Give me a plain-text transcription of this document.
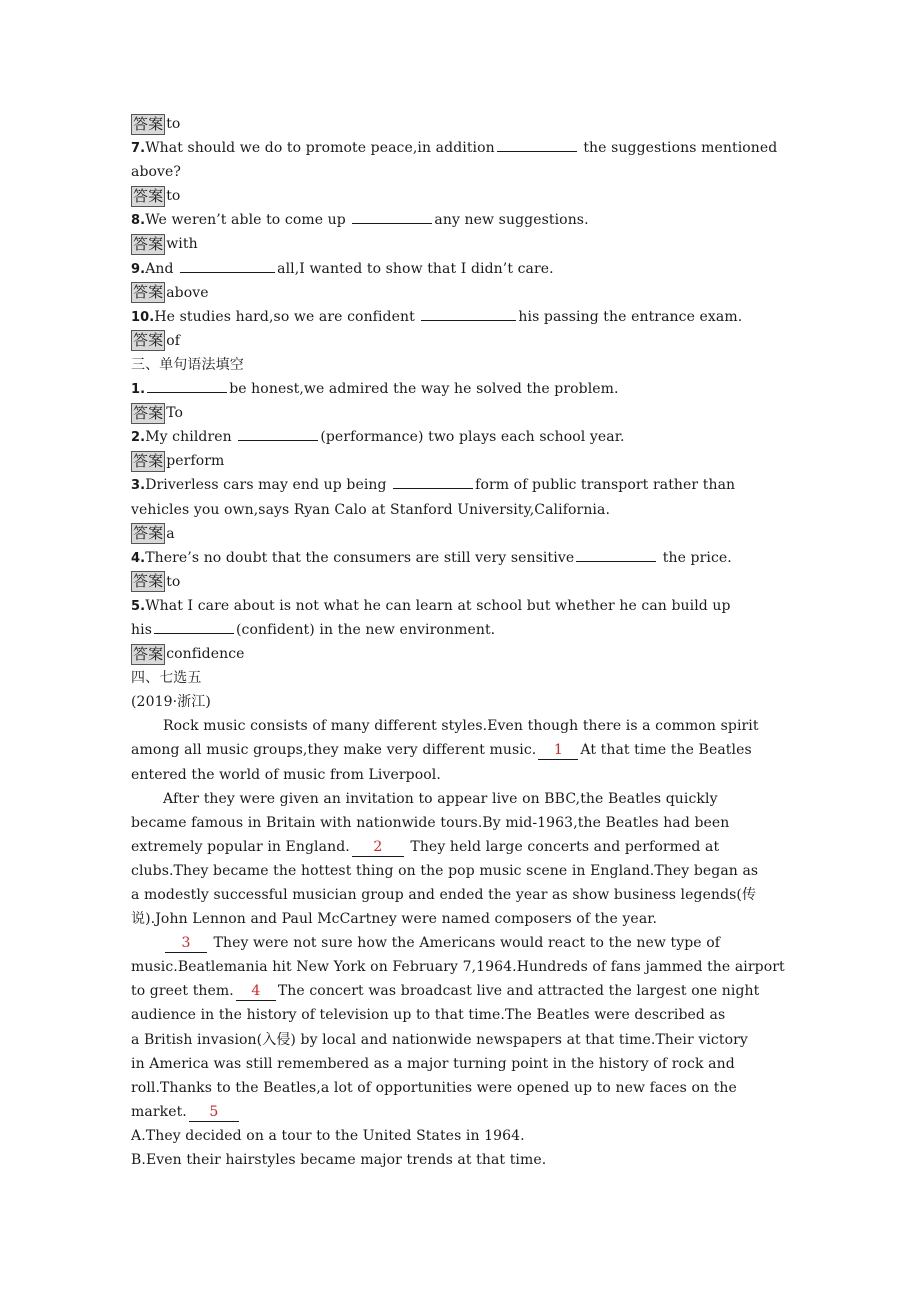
答案 to
7.What should we do to promote peace,in addition	the suggestions mentioned
above?
答案 to
8.We weren’t able to come up	any new suggestions.
答案 with
9.And	all,I wanted to show that I didn’t care.
答案 above
10.He studies hard,so we are confident	his passing the entrance exam.
答案 of
三、单句语法填空
1.	be honest,we admired the way he solved the problem.
答案 To
2.My children	(performance) two plays each school year.
答案 perform
3.Driverless cars may end up being	form of public transport rather than
vehicles you own,says Ryan Calo at Stanford University,California.
答案 a
4.There’s no doubt that the consumers are still very sensitive	the price.
答案 to
5.What I care about is not what he can learn at school but whether he can build up
his	(confident) in the new environment.
答案 confidence
四、七选五
(2019·浙江)
Rock music consists of many different styles.Even though there is a common spirit
among all music groups,they make very different music. 1 At that time the Beatles
entered the world of music from Liverpool.
After they were given an invitation to appear live on BBC,the Beatles quickly
became famous in Britain with nationwide tours.By mid-1963,the Beatles had been
extremely popular in England. 2 They held large concerts and performed at
clubs.They became the hottest thing on the pop music scene in England.They began as
a modestly successful musician group and ended the year as show business legends(传
说).John Lennon and Paul McCartney were named composers of the year.
3 They were not sure how the Americans would react to the new type of
music.Beatlemania hit New York on February 7,1964.Hundreds of fans jammed the airport
to greet them. 4 The concert was broadcast live and attracted the largest one night
audience in the history of television up to that time.The Beatles were described as
a British invasion(入侵) by local and nationwide newspapers at that time.Their victory
in America was still remembered as a major turning point in the history of rock and
roll.Thanks to the Beatles,a lot of opportunities were opened up to new faces on the
market. 5
A.They decided on a tour to the United States in 1964.
B.Even their hairstyles became major trends at that time.
